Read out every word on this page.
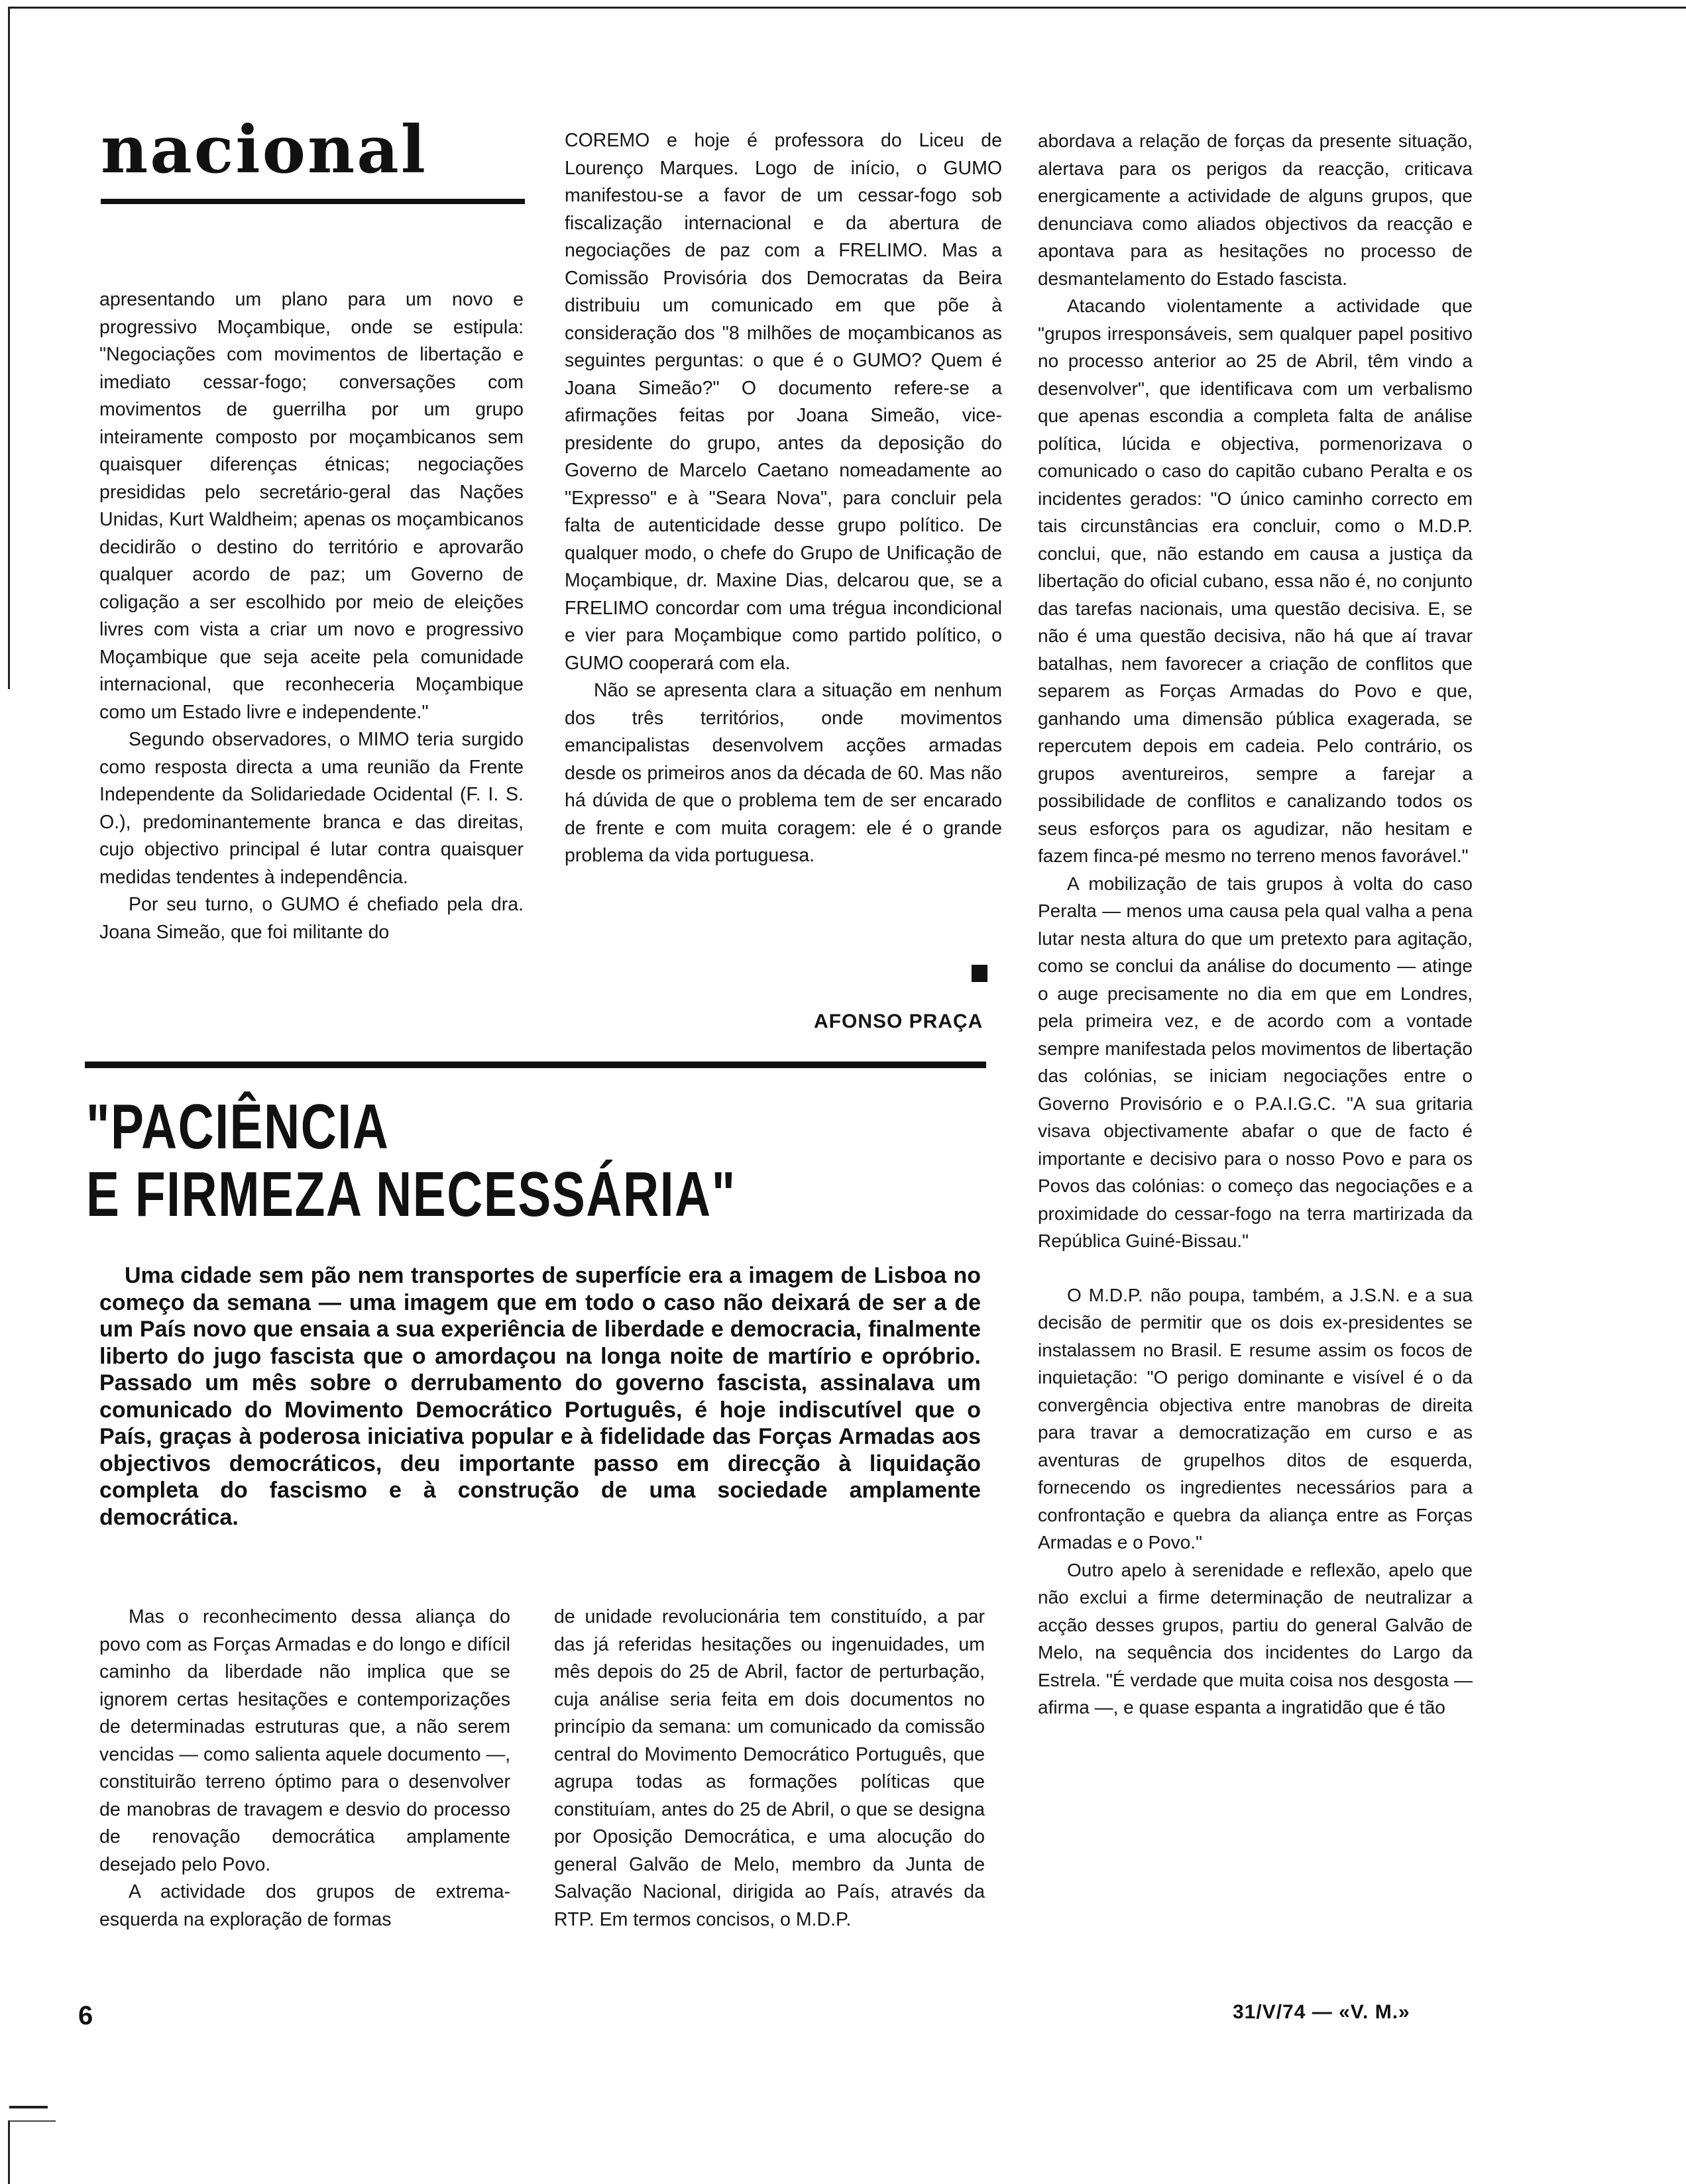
nacional

apresentando um plano para um novo e progressivo Moçambique, onde se estipula: "Negociações com movimentos de libertação e imediato cessar-fogo; conversações com movimentos de guerrilha por um grupo inteiramente composto por moçambicanos sem quaisquer diferenças étnicas; negociações presididas pelo secretário-geral das Nações Unidas, Kurt Waldheim; apenas os moçambicanos decidirão o destino do território e aprovarão qualquer acordo de paz; um Governo de coligação a ser escolhido por meio de eleições livres com vista a criar um novo e progressivo Moçambique que seja aceite pela comunidade internacional, que reconheceria Moçambique como um Estado livre e independente."

Segundo observadores, o MIMO teria surgido como resposta directa a uma reunião da Frente Independente da Solidariedade Ocidental (F. I. S. O.), predominantemente branca e das direitas, cujo objectivo principal é lutar contra quaisquer medidas tendentes à independência.

Por seu turno, o GUMO é chefiado pela dra. Joana Simeão, que foi militante do

COREMO e hoje é professora do Liceu de Lourenço Marques. Logo de início, o GUMO manifestou-se a favor de um cessar-fogo sob fiscalização internacional e da abertura de negociações de paz com a FRELIMO. Mas a Comissão Provisória dos Democratas da Beira distribuiu um comunicado em que põe à consideração dos "8 milhões de moçambicanos as seguintes perguntas: o que é o GUMO? Quem é Joana Simeão?" O documento refere-se a afirmações feitas por Joana Simeão, vice-presidente do grupo, antes da deposição do Governo de Marcelo Caetano nomeadamente ao "Expresso" e à "Seara Nova", para concluir pela falta de autenticidade desse grupo político. De qualquer modo, o chefe do Grupo de Unificação de Moçambique, dr. Maxine Dias, delcarou que, se a FRELIMO concordar com uma trégua incondicional e vier para Moçambique como partido político, o GUMO cooperará com ela.

Não se apresenta clara a situação em nenhum dos três territórios, onde movimentos emancipalistas desenvolvem acções armadas desde os primeiros anos da década de 60. Mas não há dúvida de que o problema tem de ser encarado de frente e com muita coragem: ele é o grande problema da vida portuguesa.

AFONSO PRAÇA

"PACIÊNCIA
E FIRMEZA NECESSÁRIA"

Uma cidade sem pão nem transportes de superfície era a imagem de Lisboa no começo da semana — uma imagem que em todo o caso não deixará de ser a de um País novo que ensaia a sua experiência de liberdade e democracia, finalmente liberto do jugo fascista que o amordaçou na longa noite de martírio e opróbrio. Passado um mês sobre o derrubamento do governo fascista, assinalava um comunicado do Movimento Democrático Português, é hoje indiscutível que o País, graças à poderosa iniciativa popular e à fidelidade das Forças Armadas aos objectivos democráticos, deu importante passo em direcção à liquidação completa do fascismo e à construção de uma sociedade amplamente democrática.

Mas o reconhecimento dessa aliança do povo com as Forças Armadas e do longo e difícil caminho da liberdade não implica que se ignorem certas hesitações e contemporizações de determinadas estruturas que, a não serem vencidas — como salienta aquele documento —, constituirão terreno óptimo para o desenvolver de manobras de travagem e desvio do processo de renovação democrática amplamente desejado pelo Povo.

A actividade dos grupos de extrema-esquerda na exploração de formas

de unidade revolucionária tem constituído, a par das já referidas hesitações ou ingenuidades, um mês depois do 25 de Abril, factor de perturbação, cuja análise seria feita em dois documentos no princípio da semana: um comunicado da comissão central do Movimento Democrático Português, que agrupa todas as formações políticas que constituíam, antes do 25 de Abril, o que se designa por Oposição Democrática, e uma alocução do general Galvão de Melo, membro da Junta de Salvação Nacional, dirigida ao País, através da RTP. Em termos concisos, o M.D.P.

abordava a relação de forças da presente situação, alertava para os perigos da reacção, criticava energicamente a actividade de alguns grupos, que denunciava como aliados objectivos da reacção e apontava para as hesitações no processo de desmantelamento do Estado fascista.

Atacando violentamente a actividade que "grupos irresponsáveis, sem qualquer papel positivo no processo anterior ao 25 de Abril, têm vindo a desenvolver", que identificava com um verbalismo que apenas escondia a completa falta de análise política, lúcida e objectiva, pormenorizava o comunicado o caso do capitão cubano Peralta e os incidentes gerados: "O único caminho correcto em tais circunstâncias era concluir, como o M.D.P. conclui, que, não estando em causa a justiça da libertação do oficial cubano, essa não é, no conjunto das tarefas nacionais, uma questão decisiva. E, se não é uma questão decisiva, não há que aí travar batalhas, nem favorecer a criação de conflitos que separem as Forças Armadas do Povo e que, ganhando uma dimensão pública exagerada, se repercutem depois em cadeia. Pelo contrário, os grupos aventureiros, sempre a farejar a possibilidade de conflitos e canalizando todos os seus esforços para os agudizar, não hesitam e fazem finca-pé mesmo no terreno menos favorável."

A mobilização de tais grupos à volta do caso Peralta — menos uma causa pela qual valha a pena lutar nesta altura do que um pretexto para agitação, como se conclui da análise do documento — atinge o auge precisamente no dia em que em Londres, pela primeira vez, e de acordo com a vontade sempre manifestada pelos movimentos de libertação das colónias, se iniciam negociações entre o Governo Provisório e o P.A.I.G.C. "A sua gritaria visava objectivamente abafar o que de facto é importante e decisivo para o nosso Povo e para os Povos das colónias: o começo das negociações e a proximidade do cessar-fogo na terra martirizada da República Guiné-Bissau."

O M.D.P. não poupa, também, a J.S.N. e a sua decisão de permitir que os dois ex-presidentes se instalassem no Brasil. E resume assim os focos de inquietação: "O perigo dominante e visível é o da convergência objectiva entre manobras de direita para travar a democratização em curso e as aventuras de grupelhos ditos de esquerda, fornecendo os ingredientes necessários para a confrontação e quebra da aliança entre as Forças Armadas e o Povo."

Outro apelo à serenidade e reflexão, apelo que não exclui a firme determinação de neutralizar a acção desses grupos, partiu do general Galvão de Melo, na sequência dos incidentes do Largo da Estrela. "É verdade que muita coisa nos desgosta — afirma —, e quase espanta a ingratidão que é tão

6	31/V/74 — «V. M.»
